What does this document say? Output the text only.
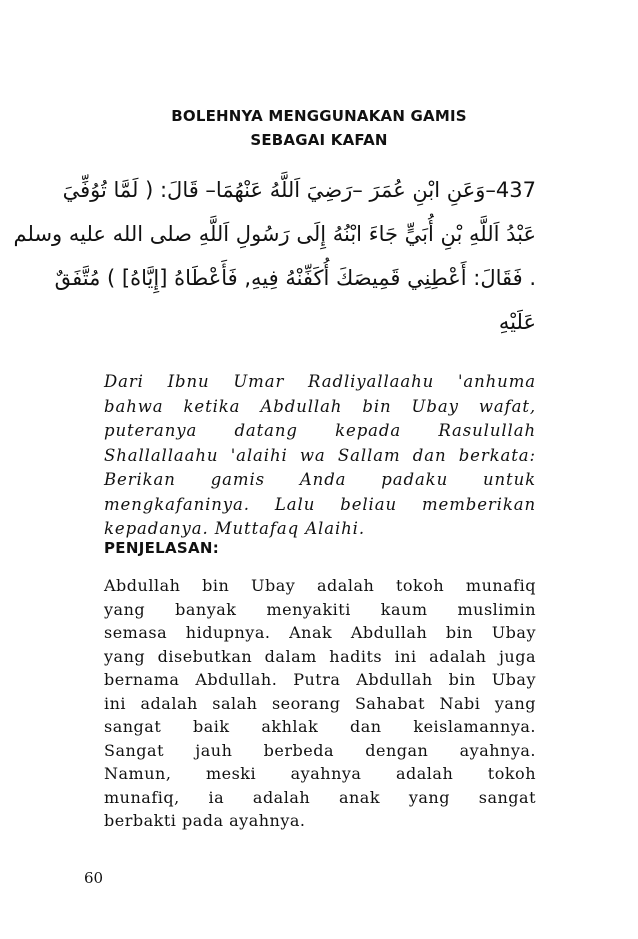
BOLEHNYA MENGGUNAKAN GAMIS
SEBAGAI KAFAN
437–وَعَنِ ابْنِ عُمَرَ –رَضِيَ اَللَّهُ عَنْهُمَا– قَالَ: ( لَمَّا تُوُفِّيَ
عَبْدُ اَللَّهِ بْنِ أُبَيٍّ جَاءَ ابْنُهُ إِلَى رَسُولِ اَللَّهِ صلى الله عليه وسلم
. فَقَالَ: أَعْطِنِي قَمِيصَكَ أُكَفِّنْهُ فِيهِ, فَأَعْطَاهُ [إِيَّاهُ] ) مُتَّفَقٌ
عَلَيْهِ
Dari Ibnu Umar Radliyallaahu 'anhuma
bahwa ketika Abdullah bin Ubay wafat,
puteranya datang kepada Rasulullah
Shallallaahu 'alaihi wa Sallam dan berkata:
Berikan gamis Anda padaku untuk
mengkafaninya. Lalu beliau memberikan
kepadanya. Muttafaq Alaihi.
PENJELASAN:
Abdullah bin Ubay adalah tokoh munafiq
yang banyak menyakiti kaum muslimin
semasa hidupnya. Anak Abdullah bin Ubay
yang disebutkan dalam hadits ini adalah juga
bernama Abdullah. Putra Abdullah bin Ubay
ini adalah salah seorang Sahabat Nabi yang
sangat baik akhlak dan keislamannya.
Sangat jauh berbeda dengan ayahnya.
Namun, meski ayahnya adalah tokoh
munafiq, ia adalah anak yang sangat
berbakti pada ayahnya.
60
